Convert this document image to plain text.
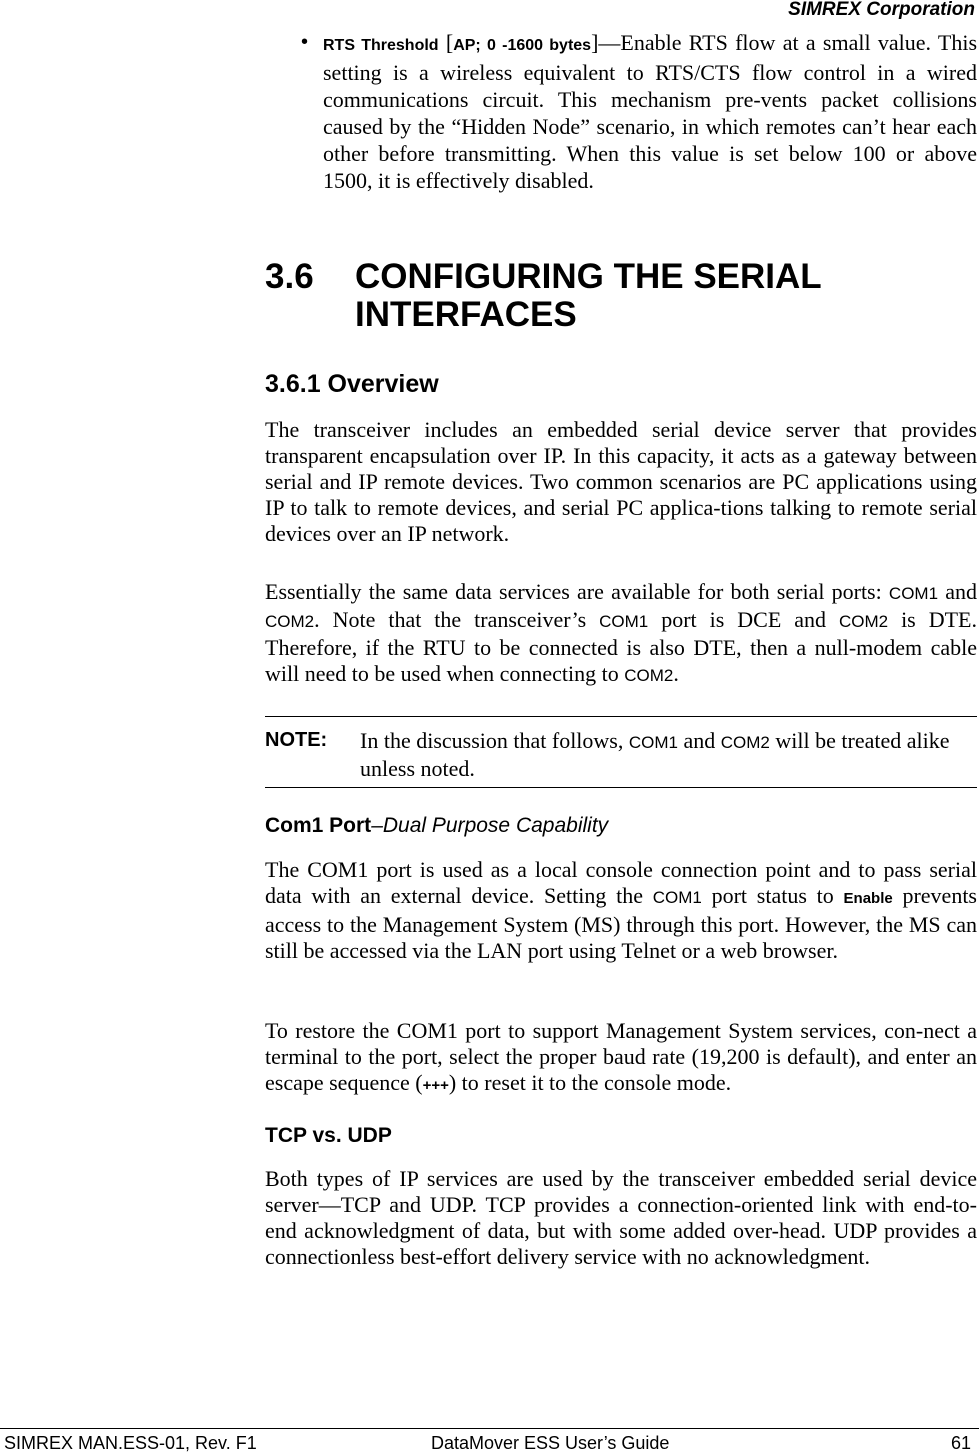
SIMREX Corporation
• RTS Threshold [AP; 0 -1600 bytes]—Enable RTS flow at a small value. This setting is a wireless equivalent to RTS/CTS flow control in a wired communications circuit. This mechanism pre-vents packet collisions caused by the “Hidden Node” scenario, in which remotes can’t hear each other before transmitting. When this value is set below 100 or above 1500, it is effectively disabled.
3.6 CONFIGURING THE SERIAL INTERFACES
3.6.1 Overview
The transceiver includes an embedded serial device server that provides transparent encapsulation over IP. In this capacity, it acts as a gateway between serial and IP remote devices. Two common scenarios are PC applications using IP to talk to remote devices, and serial PC applica-tions talking to remote serial devices over an IP network.
Essentially the same data services are available for both serial ports: COM1 and COM2. Note that the transceiver’s COM1 port is DCE and COM2 is DTE. Therefore, if the RTU to be connected is also DTE, then a null-modem cable will need to be used when connecting to COM2.
NOTE: In the discussion that follows, COM1 and COM2 will be treated alike unless noted.
Com1 Port–Dual Purpose Capability
The COM1 port is used as a local console connection point and to pass serial data with an external device. Setting the COM1 port status to Enable prevents access to the Management System (MS) through this port. However, the MS can still be accessed via the LAN port using Telnet or a web browser.
To restore the COM1 port to support Management System services, con-nect a terminal to the port, select the proper baud rate (19,200 is default), and enter an escape sequence (+++) to reset it to the console mode.
TCP vs. UDP
Both types of IP services are used by the transceiver embedded serial device server—TCP and UDP. TCP provides a connection-oriented link with end-to-end acknowledgment of data, but with some added over-head. UDP provides a connectionless best-effort delivery service with no acknowledgment.
SIMREX MAN.ESS-01, Rev. F1	DataMover ESS User’s Guide	61
